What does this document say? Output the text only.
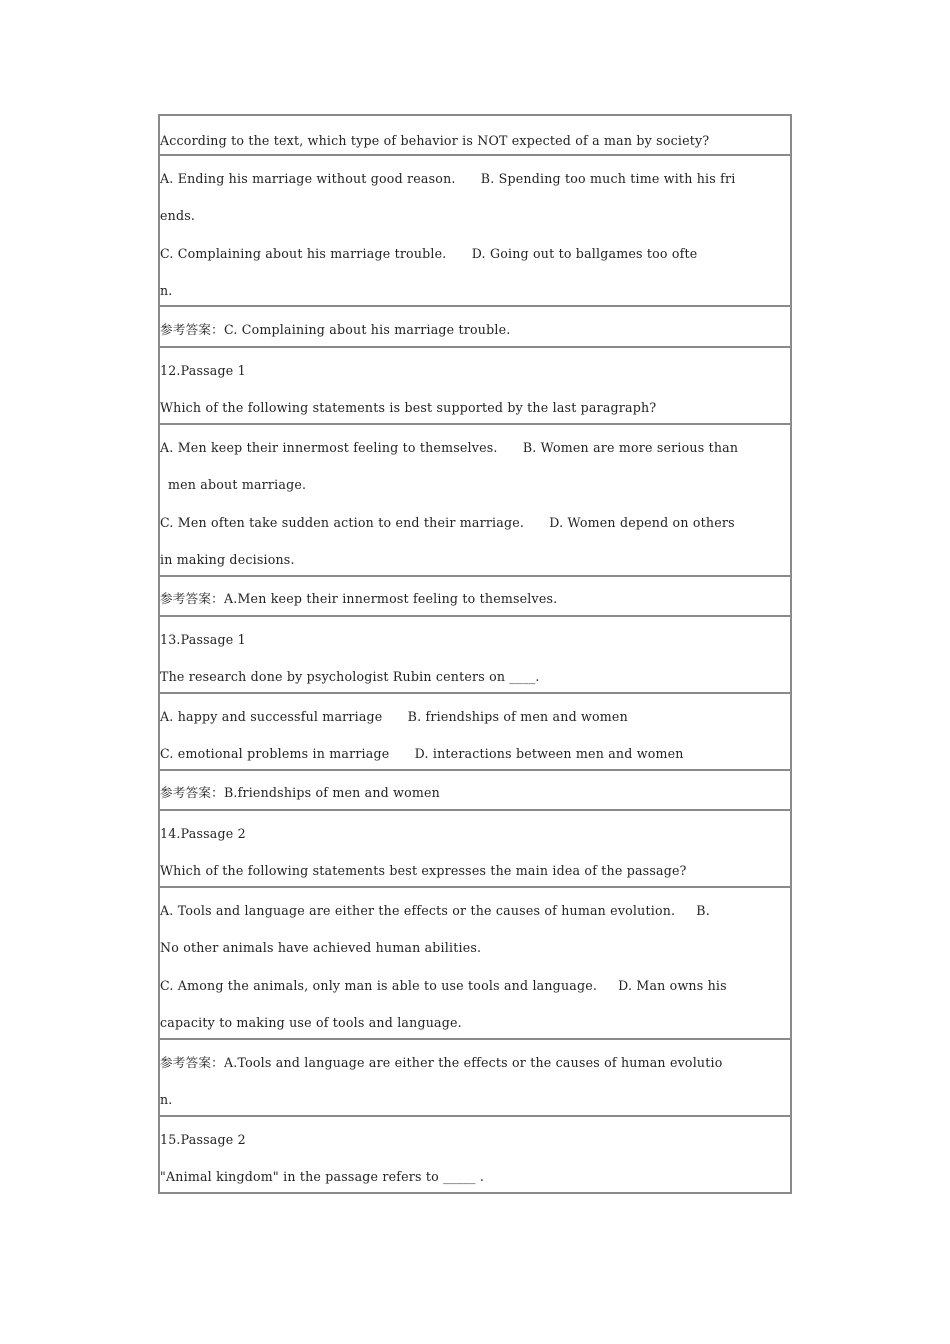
According to the text, which type of behavior is NOT expected of a man by society?
A. Ending his marriage without good reason.      B. Spending too much time with his fri
ends.
C. Complaining about his marriage trouble.      D. Going out to ballgames too ofte
n.
参考答案：C. Complaining about his marriage trouble.
12.Passage 1
Which of the following statements is best supported by the last paragraph?
A. Men keep their innermost feeling to themselves.      B. Women are more serious than
men about marriage.
C. Men often take sudden action to end their marriage.      D. Women depend on others
in making decisions.
参考答案：A.Men keep their innermost feeling to themselves.
13.Passage 1
The research done by psychologist Rubin centers on ____.
A. happy and successful marriage      B. friendships of men and women
C. emotional problems in marriage      D. interactions between men and women
参考答案：B.friendships of men and women
14.Passage 2
Which of the following statements best expresses the main idea of the passage?
A. Tools and language are either the effects or the causes of human evolution.     B.
No other animals have achieved human abilities.
C. Among the animals, only man is able to use tools and language.     D. Man owns his
capacity to making use of tools and language.
参考答案：A.Tools and language are either the effects or the causes of human evolutio
n.
15.Passage 2
"Animal kingdom" in the passage refers to _____ .
